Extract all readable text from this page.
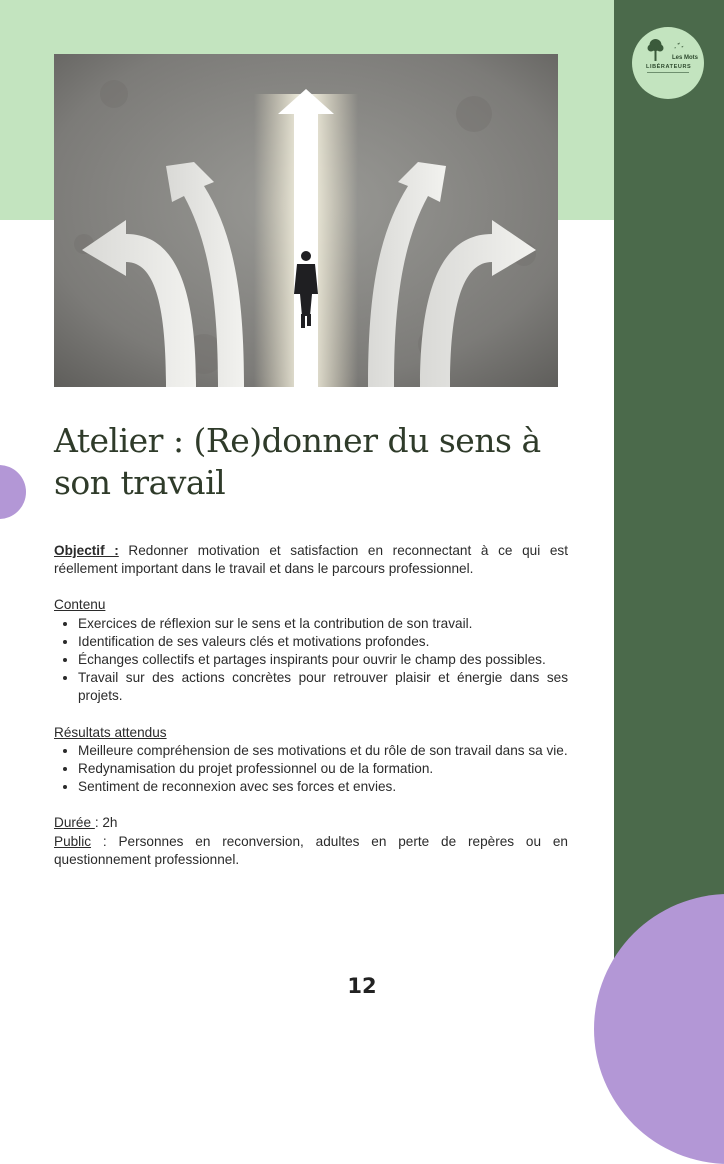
Les Mots
LIBÉRATEURS
Atelier : (Re)donner du sens à son travail

Objectif : Redonner motivation et satisfaction en reconnectant à ce qui est réellement important dans le travail et dans le parcours professionnel.

Contenu
• Exercices de réflexion sur le sens et la contribution de son travail.
• Identification de ses valeurs clés et motivations profondes.
• Échanges collectifs et partages inspirants pour ouvrir le champ des possibles.
• Travail sur des actions concrètes pour retrouver plaisir et énergie dans ses projets.
Résultats attendus
• Meilleure compréhension de ses motivations et du rôle de son travail dans sa vie.
• Redynamisation du projet professionnel ou de la formation.
• Sentiment de reconnexion avec ses forces et envies.

Durée : 2h

Public : Personnes en reconversion, adultes en perte de repères ou en questionnement professionnel.

12
